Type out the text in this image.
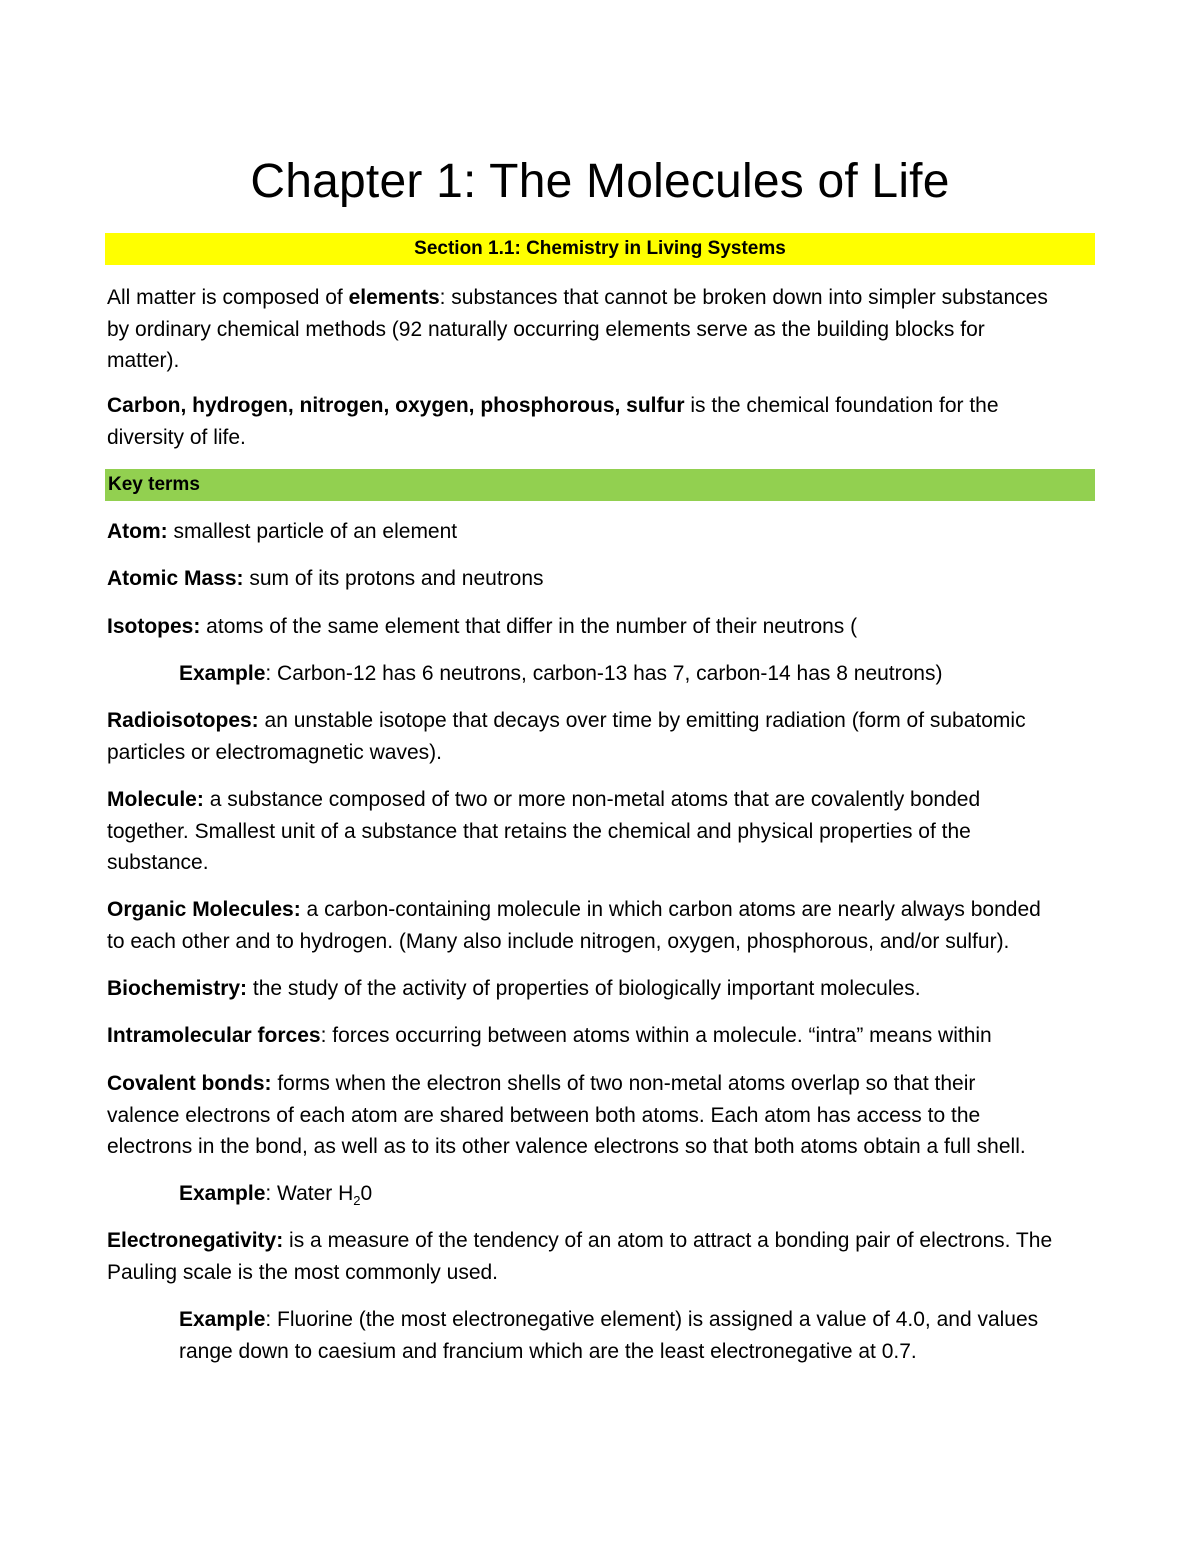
Chapter 1: The Molecules of Life
Section 1.1: Chemistry in Living Systems

All matter is composed of elements: substances that cannot be broken down into simpler substances
by ordinary chemical methods (92 naturally occurring elements serve as the building blocks for
matter).

Carbon, hydrogen, nitrogen, oxygen, phosphorous, sulfur is the chemical foundation for the
diversity of life.

Key terms

Atom: smallest particle of an element

Atomic Mass: sum of its protons and neutrons

Isotopes: atoms of the same element that differ in the number of their neutrons (

Example: Carbon-12 has 6 neutrons, carbon-13 has 7, carbon-14 has 8 neutrons)

Radioisotopes: an unstable isotope that decays over time by emitting radiation (form of subatomic
particles or electromagnetic waves).

Molecule: a substance composed of two or more non-metal atoms that are covalently bonded
together. Smallest unit of a substance that retains the chemical and physical properties of the
substance.

Organic Molecules: a carbon-containing molecule in which carbon atoms are nearly always bonded
to each other and to hydrogen. (Many also include nitrogen, oxygen, phosphorous, and/or sulfur).

Biochemistry: the study of the activity of properties of biologically important molecules.

Intramolecular forces: forces occurring between atoms within a molecule. “intra” means within

Covalent bonds: forms when the electron shells of two non-metal atoms overlap so that their
valence electrons of each atom are shared between both atoms. Each atom has access to the
electrons in the bond, as well as to its other valence electrons so that both atoms obtain a full shell.

Example: Water $H_20$

Electronegativity: is a measure of the tendency of an atom to attract a bonding pair of electrons. The
Pauling scale is the most commonly used.

Example: Fluorine (the most electronegative element) is assigned a value of 4.0, and values
range down to caesium and francium which are the least electronegative at 0.7.
